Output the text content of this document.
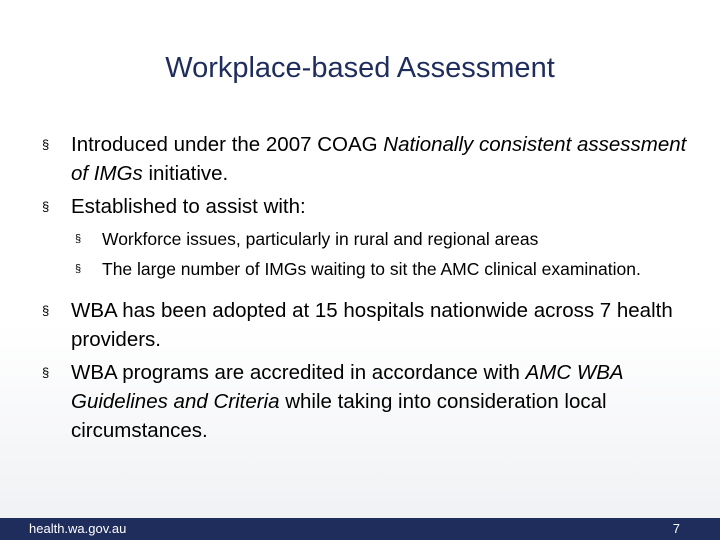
Workplace-based Assessment
§ Introduced under the 2007 COAG Nationally consistent assessment of IMGs initiative.
§ Established to assist with:
§ Workforce issues, particularly in rural and regional areas
§ The large number of IMGs waiting to sit the AMC clinical examination.
§ WBA has been adopted at 15 hospitals nationwide across 7 health providers.
§ WBA programs are accredited in accordance with AMC WBA Guidelines and Criteria while taking into consideration local circumstances.
health.wa.gov.au	7
